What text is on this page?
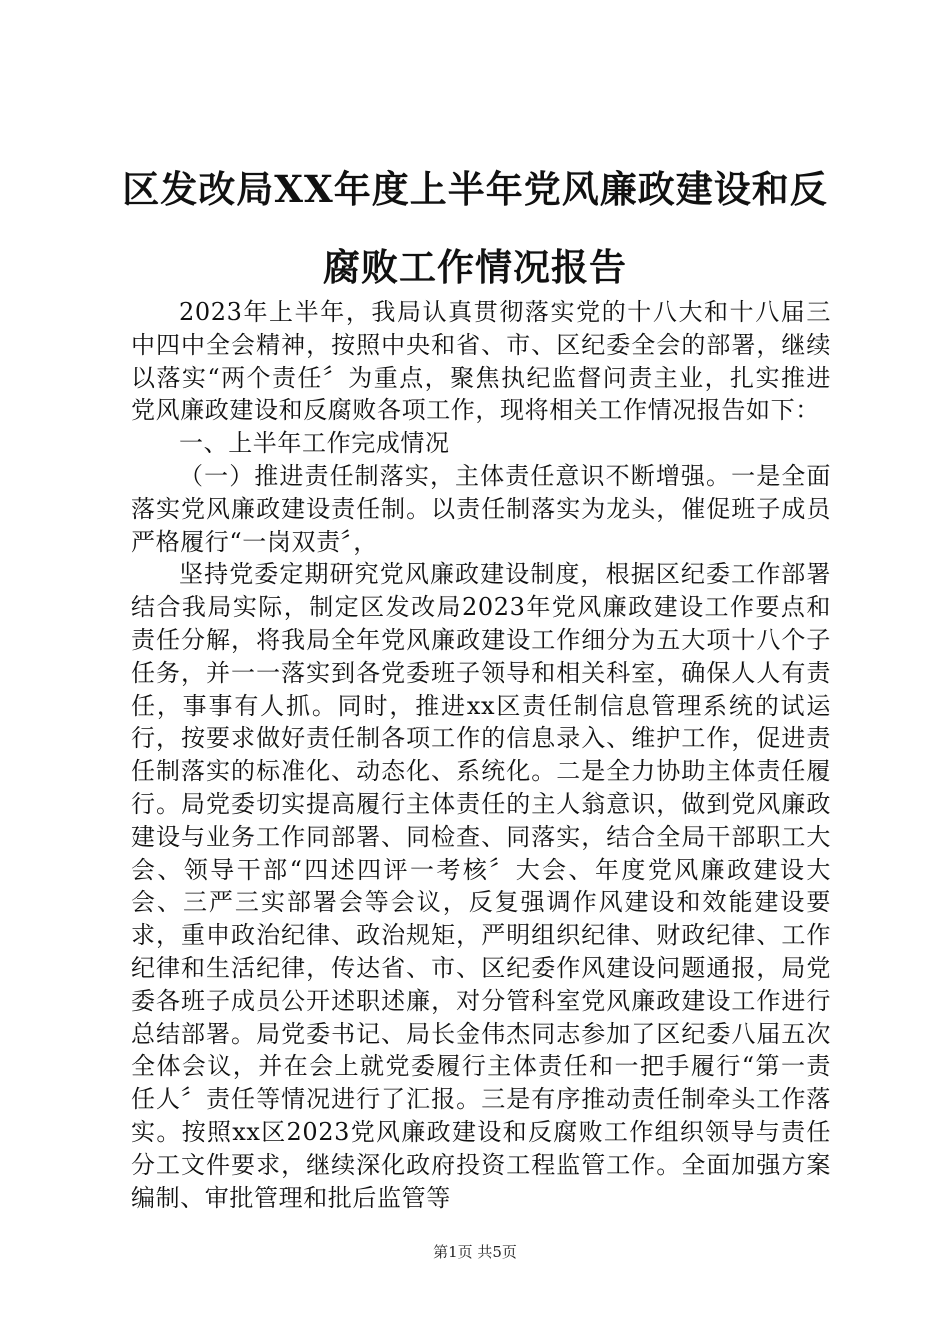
区发改局XX年度上半年党风廉政建设和反腐败工作情况报告

2023年上半年，我局认真贯彻落实党的十八大和十八届三中四中全会精神，按照中央和省、市、区纪委全会的部署，继续以落实“两个责任〞为重点，聚焦执纪监督问责主业，扎实推进党风廉政建设和反腐败各项工作，现将相关工作情况报告如下：

一、上半年工作完成情况

（一）推进责任制落实，主体责任意识不断增强。一是全面落实党风廉政建设责任制。以责任制落实为龙头，催促班子成员严格履行“一岗双责〞，

坚持党委定期研究党风廉政建设制度，根据区纪委工作部署结合我局实际，制定区发改局2023年党风廉政建设工作要点和责任分解，将我局全年党风廉政建设工作细分为五大项十八个子任务，并一一落实到各党委班子领导和相关科室，确保人人有责任，事事有人抓。同时，推进xx区责任制信息管理系统的试运行，按要求做好责任制各项工作的信息录入、维护工作，促进责任制落实的标准化、动态化、系统化。二是全力协助主体责任履行。局党委切实提高履行主体责任的主人翁意识，做到党风廉政建设与业务工作同部署、同检查、同落实，结合全局干部职工大会、领导干部“四述四评一考核〞大会、年度党风廉政建设大会、三严三实部署会等会议，反复强调作风建设和效能建设要求，重申政治纪律、政治规矩，严明组织纪律、财政纪律、工作纪律和生活纪律，传达省、市、区纪委作风建设问题通报，局党委各班子成员公开述职述廉，对分管科室党风廉政建设工作进行总结部署。局党委书记、局长金伟杰同志参加了区纪委八届五次全体会议，并在会上就党委履行主体责任和一把手履行“第一责任人〞责任等情况进行了汇报。三是有序推动责任制牵头工作落实。按照xx区2023党风廉政建设和反腐败工作组织领导与责任分工文件要求，继续深化政府投资工程监管工作。全面加强方案编制、审批管理和批后监管等

第1页 共5页
